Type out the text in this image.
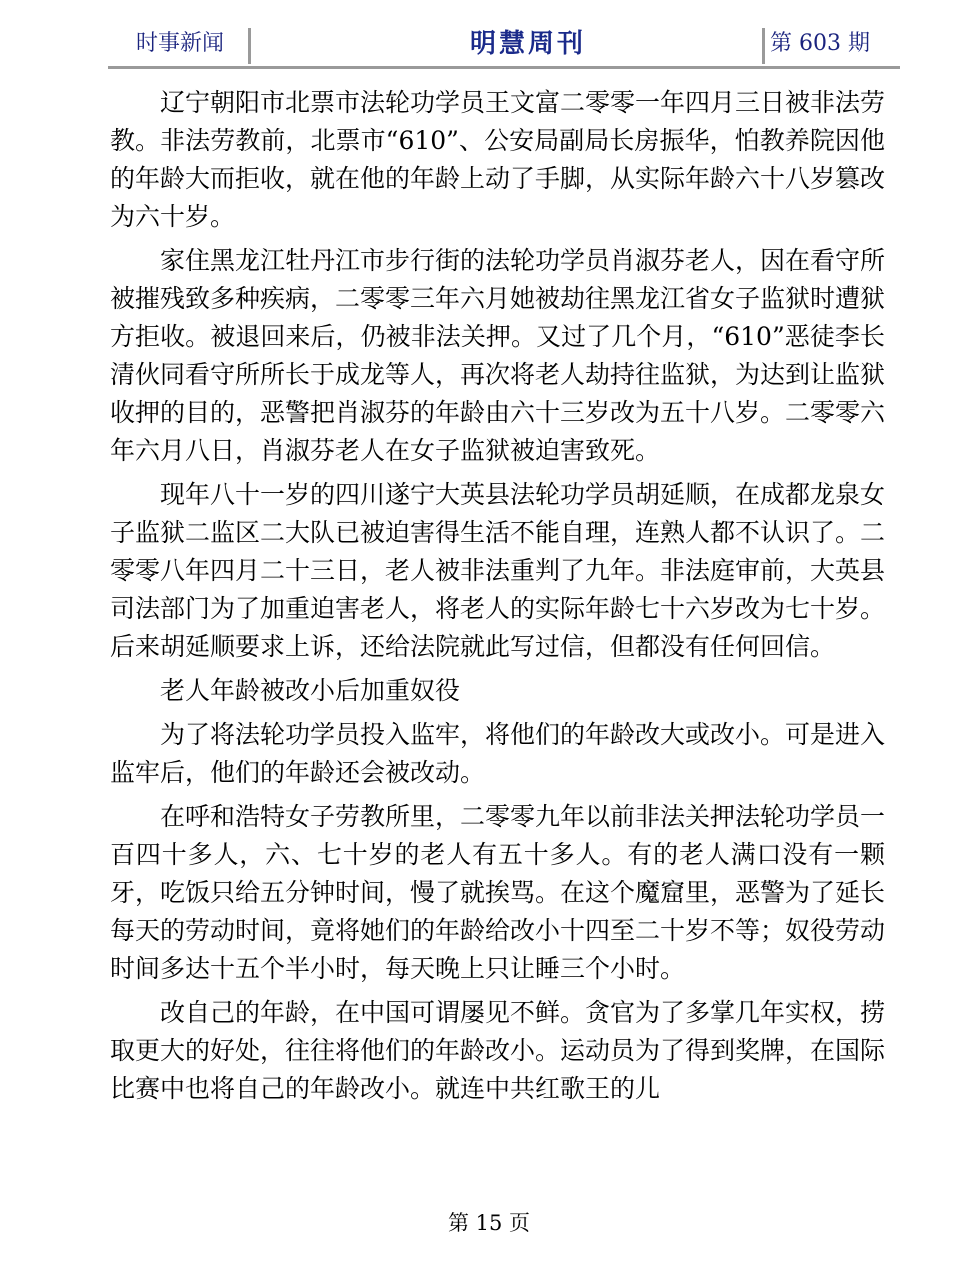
时事新闻	明慧周刊	第 603 期

辽宁朝阳市北票市法轮功学员王文富二零零一年四月三日被非法劳教。非法劳教前，北票市“610”、公安局副局长房振华，怕教养院因他的年龄大而拒收，就在他的年龄上动了手脚，从实际年龄六十八岁篡改为六十岁。

家住黑龙江牡丹江市步行街的法轮功学员肖淑芬老人，因在看守所被摧残致多种疾病，二零零三年六月她被劫往黑龙江省女子监狱时遭狱方拒收。被退回来后，仍被非法关押。又过了几个月，“610”恶徒李长清伙同看守所所长于成龙等人，再次将老人劫持往监狱，为达到让监狱收押的目的，恶警把肖淑芬的年龄由六十三岁改为五十八岁。二零零六年六月八日，肖淑芬老人在女子监狱被迫害致死。

现年八十一岁的四川遂宁大英县法轮功学员胡延顺，在成都龙泉女子监狱二监区二大队已被迫害得生活不能自理，连熟人都不认识了。二零零八年四月二十三日，老人被非法重判了九年。非法庭审前，大英县司法部门为了加重迫害老人，将老人的实际年龄七十六岁改为七十岁。后来胡延顺要求上诉，还给法院就此写过信，但都没有任何回信。

老人年龄被改小后加重奴役

为了将法轮功学员投入监牢，将他们的年龄改大或改小。可是进入监牢后，他们的年龄还会被改动。

在呼和浩特女子劳教所里，二零零九年以前非法关押法轮功学员一百四十多人，六、七十岁的老人有五十多人。有的老人满口没有一颗牙，吃饭只给五分钟时间，慢了就挨骂。在这个魔窟里，恶警为了延长每天的劳动时间，竟将她们的年龄给改小十四至二十岁不等；奴役劳动时间多达十五个半小时，每天晚上只让睡三个小时。

改自己的年龄，在中国可谓屡见不鲜。贪官为了多掌几年实权，捞取更大的好处，往往将他们的年龄改小。运动员为了得到奖牌，在国际比赛中也将自己的年龄改小。就连中共红歌王的儿

第 15 页
